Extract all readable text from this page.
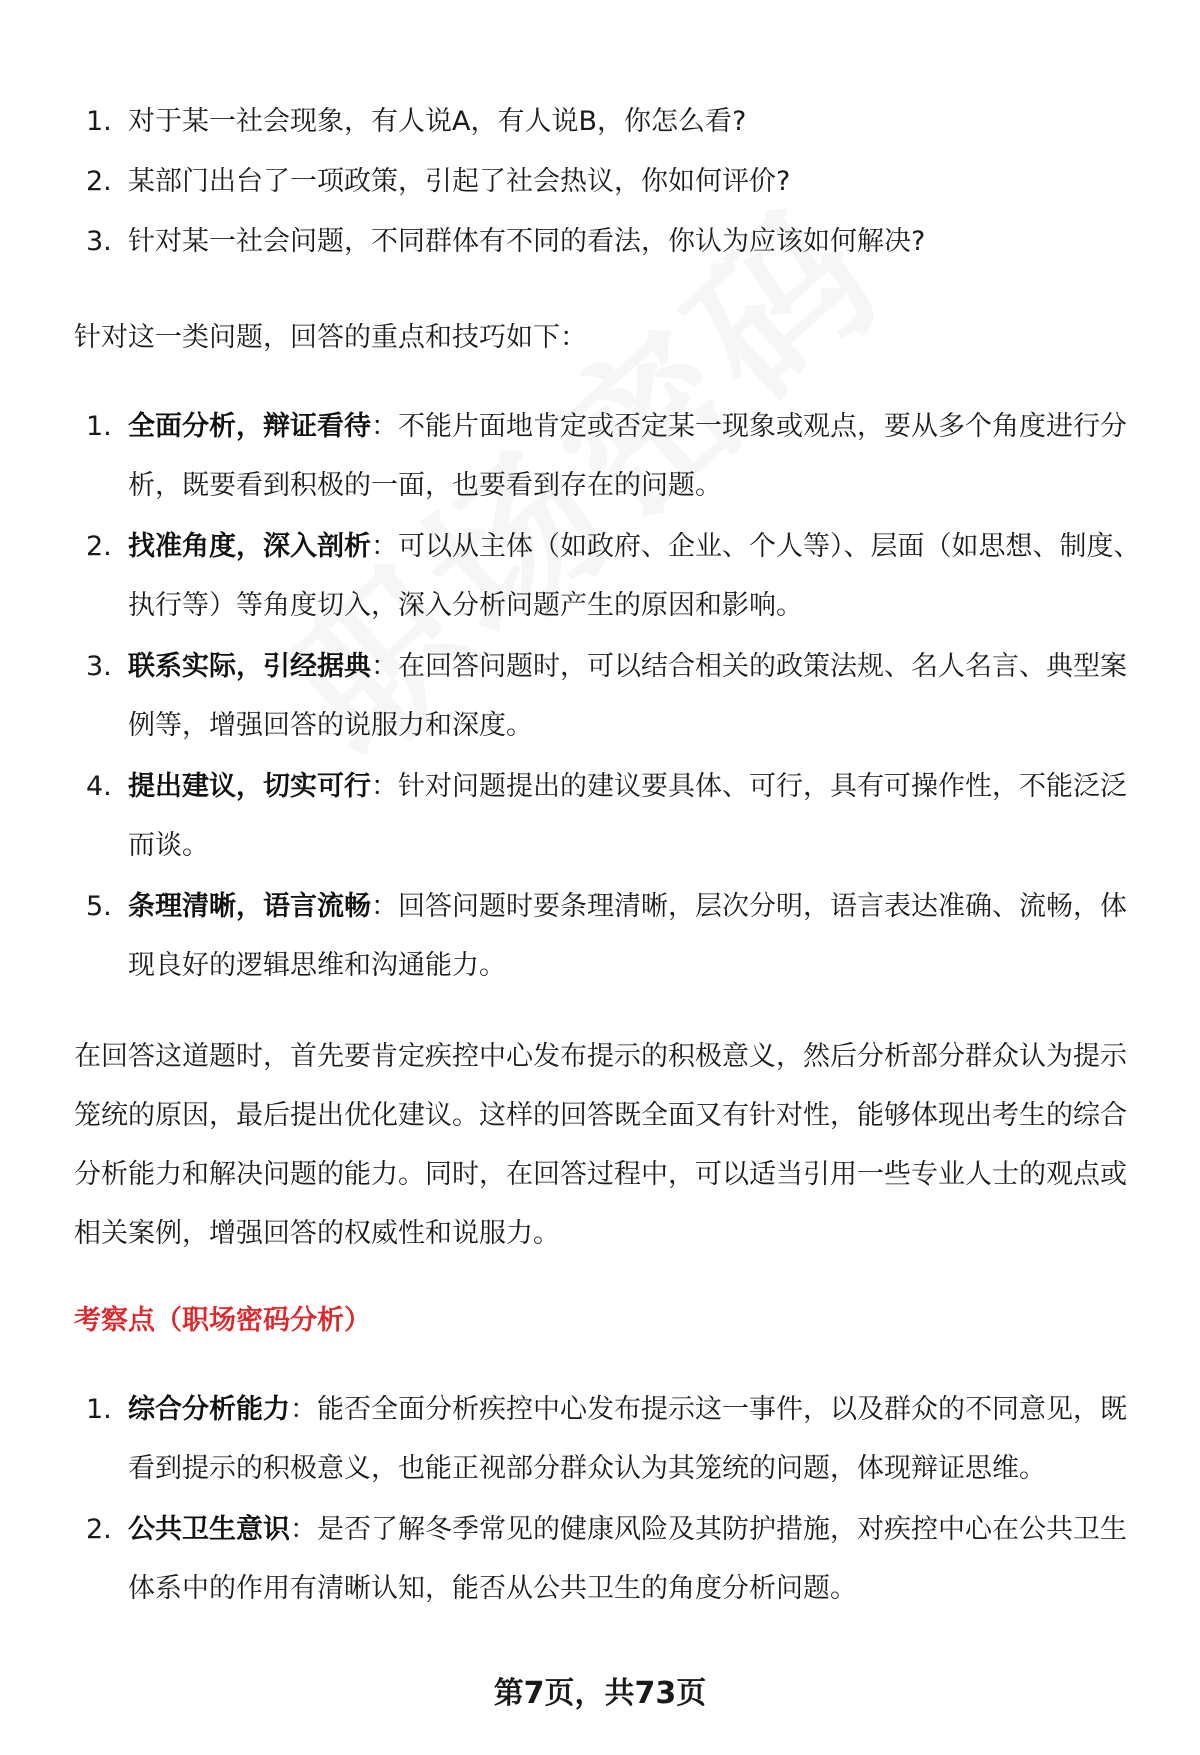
1. 对于某一社会现象，有人说A，有人说B，你怎么看?
2. 某部门出台了一项政策，引起了社会热议，你如何评价?
3. 针对某一社会问题，不同群体有不同的看法，你认为应该如何解决?

针对这一类问题，回答的重点和技巧如下：

1. 全面分析，辩证看待：不能片面地肯定或否定某一现象或观点，要从多个角度进行分析，既要看到积极的一面，也要看到存在的问题。
2. 找准角度，深入剖析：可以从主体（如政府、企业、个人等）、层面（如思想、制度、执行等）等角度切入，深入分析问题产生的原因和影响。
3. 联系实际，引经据典：在回答问题时，可以结合相关的政策法规、名人名言、典型案例等，增强回答的说服力和深度。
4. 提出建议，切实可行：针对问题提出的建议要具体、可行，具有可操作性，不能泛泛而谈。
5. 条理清晰，语言流畅：回答问题时要条理清晰，层次分明，语言表达准确、流畅，体现良好的逻辑思维和沟通能力。

在回答这道题时，首先要肯定疾控中心发布提示的积极意义，然后分析部分群众认为提示笼统的原因，最后提出优化建议。这样的回答既全面又有针对性，能够体现出考生的综合分析能力和解决问题的能力。同时，在回答过程中，可以适当引用一些专业人士的观点或相关案例，增强回答的权威性和说服力。

考察点（职场密码分析）
1. 综合分析能力：能否全面分析疾控中心发布提示这一事件，以及群众的不同意见，既看到提示的积极意义，也能正视部分群众认为其笼统的问题，体现辩证思维。
2. 公共卫生意识：是否了解冬季常见的健康风险及其防护措施，对疾控中心在公共卫生体系中的作用有清晰认知，能否从公共卫生的角度分析问题。
第7页，共73页
